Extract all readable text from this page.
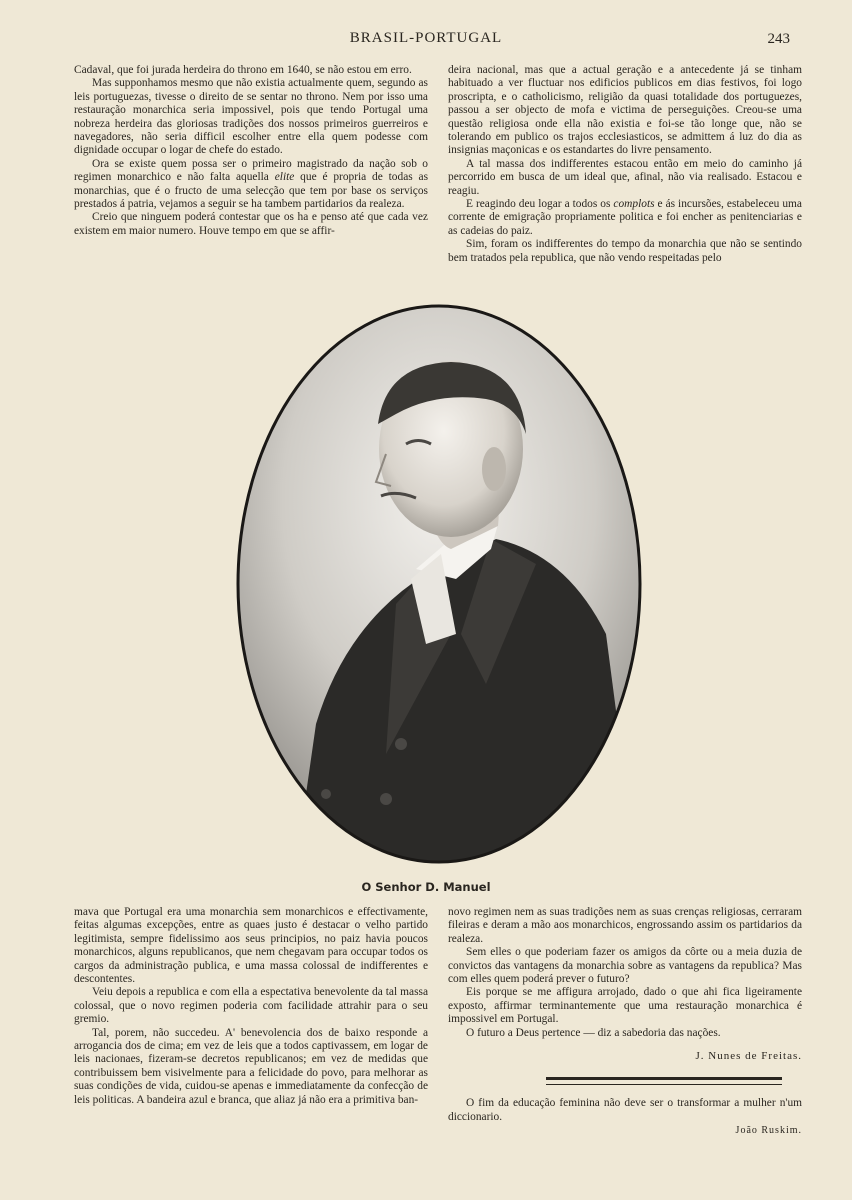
BRASIL-PORTUGAL	243

Cadaval, que foi jurada herdeira do throno em 1640, se não estou em erro.

Mas supponhamos mesmo que não existia actualmente quem, segundo as leis portuguezas, tivesse o direito de se sentar no throno. Nem por isso uma restauração monarchica seria impossivel, pois que tendo Portugal uma nobreza herdeira das gloriosas tradições dos nossos primeiros guerreiros e navegadores, não seria difficil escolher entre ella quem podesse com dignidade occupar o logar de chefe do estado.

Ora se existe quem possa ser o primeiro magistrado da nação sob o regimen monarchico e não falta aquella elite que é propria de todas as monarchias, que é o fructo de uma selecção que tem por base os serviços prestados á patria, vejamos a seguir se ha tambem partidarios da realeza.

Creio que ninguem poderá contestar que os ha e penso até que cada vez existem em maior numero. Houve tempo em que se affir-

deira nacional, mas que a actual geração e a antecedente já se tinham habituado a ver fluctuar nos edificios publicos em dias festivos, foi logo proscripta, e o catholicismo, religião da quasi totalidade dos portuguezes, passou a ser objecto de mofa e victima de perseguições. Creou-se uma questão religiosa onde ella não existia e foi-se tão longe que, não se tolerando em publico os trajos ecclesiasticos, se admittem á luz do dia as insignias maçonicas e os estandartes do livre pensamento.

A tal massa dos indifferentes estacou então em meio do caminho já percorrido em busca de um ideal que, afinal, não via realisado. Estacou e reagiu.

E reagindo deu logar a todos os complots e ás incursões, estabeleceu uma corrente de emigração propriamente politica e foi encher as penitenciarias e as cadeias do paiz.

Sim, foram os indifferentes do tempo da monarchia que não se sentindo bem tratados pela republica, que não vendo respeitadas pelo

O Senhor D. Manuel

mava que Portugal era uma monarchia sem monarchicos e effectivamente, feitas algumas excepções, entre as quaes justo é destacar o velho partido legitimista, sempre fidelissimo aos seus principios, no paiz havia poucos monarchicos, alguns republicanos, que nem chegavam para occupar todos os cargos da administração publica, e uma massa colossal de indifferentes e descontentes.

Veiu depois a republica e com ella a espectativa benevolente da tal massa colossal, que o novo regimen poderia com facilidade attrahir para o seu gremio.

Tal, porem, não succedeu. A' benevolencia dos de baixo responde a arrogancia dos de cima; em vez de leis que a todos captivassem, em logar de leis nacionaes, fizeram-se decretos republicanos; em vez de medidas que contribuissem bem visivelmente para a felicidade do povo, para melhorar as suas condições de vida, cuidou-se apenas e immediatamente da confecção de leis politicas. A bandeira azul e branca, que aliaz já não era a primitiva ban-

novo regimen nem as suas tradições nem as suas crenças religiosas, cerraram fileiras e deram a mão aos monarchicos, engrossando assim os partidarios da realeza.

Sem elles o que poderiam fazer os amigos da côrte ou a meia duzia de convictos das vantagens da monarchia sobre as vantagens da republica? Mas com elles quem poderá prever o futuro?

Eis porque se me affigura arrojado, dado o que ahi fica ligeiramente exposto, affirmar terminantemente que uma restauração monarchica é impossivel em Portugal.

O futuro a Deus pertence — diz a sabedoria das nações.

J. Nunes de Freitas.

O fim da educação feminina não deve ser o transformar a mulher n'um diccionario.

João Ruskim.
